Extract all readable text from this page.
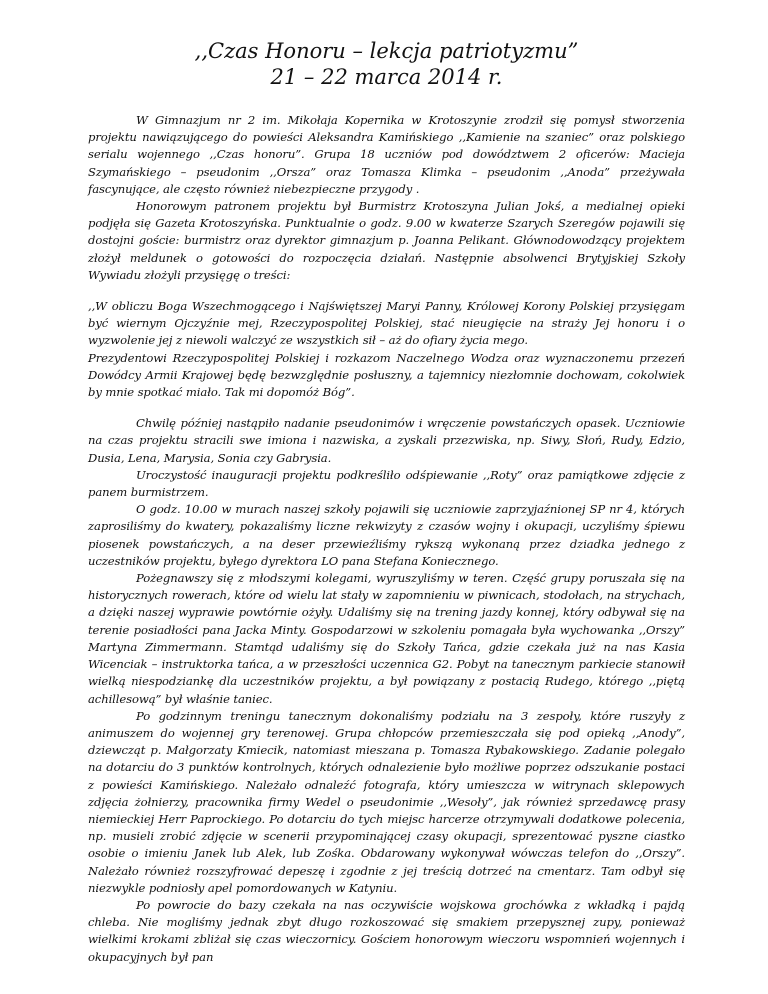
,,Czas Honoru – lekcja patriotyzmu”
21 – 22 marca 2014 r.

W Gimnazjum nr 2 im. Mikołaja Kopernika w Krotoszynie zrodził się pomysł stworzenia projektu nawiązującego do powieści Aleksandra Kamińskiego ,,Kamienie na szaniec” oraz polskiego serialu wojennego ,,Czas honoru”. Grupa 18 uczniów pod dowództwem 2 oficerów: Macieja Szymańskiego – pseudonim ,,Orsza” oraz Tomasza Klimka – pseudonim ,,Anoda” przeżywała fascynujące, ale często również niebezpieczne przygody .

Honorowym patronem projektu był Burmistrz Krotoszyna Julian Jokś, a medialnej opieki podjęła się Gazeta Krotoszyńska. Punktualnie o godz. 9.00 w kwaterze Szarych Szeregów pojawili się dostojni goście: burmistrz oraz dyrektor gimnazjum p. Joanna Pelikant. Głównodowodzący projektem złożył meldunek o gotowości do rozpoczęcia działań. Następnie absolwenci Brytyjskiej Szkoły Wywiadu złożyli przysięgę o treści:

,,W obliczu Boga Wszechmogącego i Najświętszej Maryi Panny, Królowej Korony Polskiej przysięgam być wiernym Ojczyźnie mej, Rzeczypospolitej Polskiej, stać nieugięcie na straży Jej honoru i o wyzwolenie jej z niewoli walczyć ze wszystkich sił – aż do ofiary życia mego.

Prezydentowi Rzeczypospolitej Polskiej i rozkazom Naczelnego Wodza oraz wyznaczonemu przezeń Dowódcy Armii Krajowej będę bezwzględnie posłuszny, a tajemnicy niezłomnie dochowam, cokolwiek by mnie spotkać miało. Tak mi dopomóż Bóg”.

Chwilę później nastąpiło nadanie pseudonimów i wręczenie powstańczych opasek. Uczniowie na czas projektu stracili swe imiona i nazwiska, a zyskali przezwiska, np. Siwy, Słoń, Rudy, Edzio, Dusia, Lena, Marysia, Sonia czy Gabrysia.

Uroczystość inauguracji projektu podkreśliło odśpiewanie ,,Roty” oraz pamiątkowe zdjęcie z panem burmistrzem.

O godz. 10.00 w murach naszej szkoły pojawili się uczniowie zaprzyjaźnionej SP nr 4, których zaprosiliśmy do kwatery, pokazaliśmy liczne rekwizyty z czasów wojny i okupacji, uczyliśmy śpiewu piosenek powstańczych, a na deser przewieźliśmy rykszą wykonaną przez dziadka jednego z uczestników projektu, byłego dyrektora LO pana Stefana Koniecznego.

Pożegnawszy się z młodszymi kolegami, wyruszyliśmy w teren. Część grupy poruszała się na historycznych rowerach, które od wielu lat stały w zapomnieniu w piwnicach, stodołach, na strychach, a dzięki naszej wyprawie powtórnie ożyły. Udaliśmy się na trening jazdy konnej, który odbywał się na terenie posiadłości pana Jacka Minty. Gospodarzowi w szkoleniu pomagała była wychowanka ,,Orszy” Martyna Zimmermann. Stamtąd udaliśmy się do Szkoły Tańca, gdzie czekała już na nas Kasia Wicenciak – instruktorka tańca, a w przeszłości uczennica G2. Pobyt na tanecznym parkiecie stanowił wielką niespodziankę dla uczestników projektu, a był powiązany z postacią Rudego, którego ,,piętą achillesową” był właśnie taniec.

Po godzinnym treningu tanecznym dokonaliśmy podziału na 3 zespoły, które ruszyły z animuszem do wojennej gry terenowej. Grupa chłopców przemieszczała się pod opieką ,,Anody”, dziewcząt p. Małgorzaty Kmiecik, natomiast mieszana p. Tomasza Rybakowskiego. Zadanie polegało na dotarciu do 3 punktów kontrolnych, których odnalezienie było możliwe poprzez odszukanie postaci z powieści Kamińskiego. Należało odnaleźć fotografa, który umieszcza w witrynach sklepowych zdjęcia żołnierzy, pracownika firmy Wedel o pseudonimie ,,Wesoły”, jak również sprzedawcę prasy niemieckiej Herr Paprockiego. Po dotarciu do tych miejsc harcerze otrzymywali dodatkowe polecenia, np. musieli zrobić zdjęcie w scenerii przypominającej czasy okupacji, sprezentować pyszne ciastko osobie o imieniu Janek lub Alek, lub Zośka. Obdarowany wykonywał wówczas telefon do ,,Orszy”. Należało również rozszyfrować depeszę i zgodnie z jej treścią dotrzeć na cmentarz. Tam odbył się niezwykle podniosły apel pomordowanych w Katyniu.

Po powrocie do bazy czekała na nas oczywiście wojskowa grochówka z wkładką i pajdą chleba. Nie mogliśmy jednak zbyt długo rozkoszować się smakiem przepysznej zupy, ponieważ wielkimi krokami zbliżał się czas wieczornicy. Gościem honorowym wieczoru wspomnień wojennych i okupacyjnych był pan
